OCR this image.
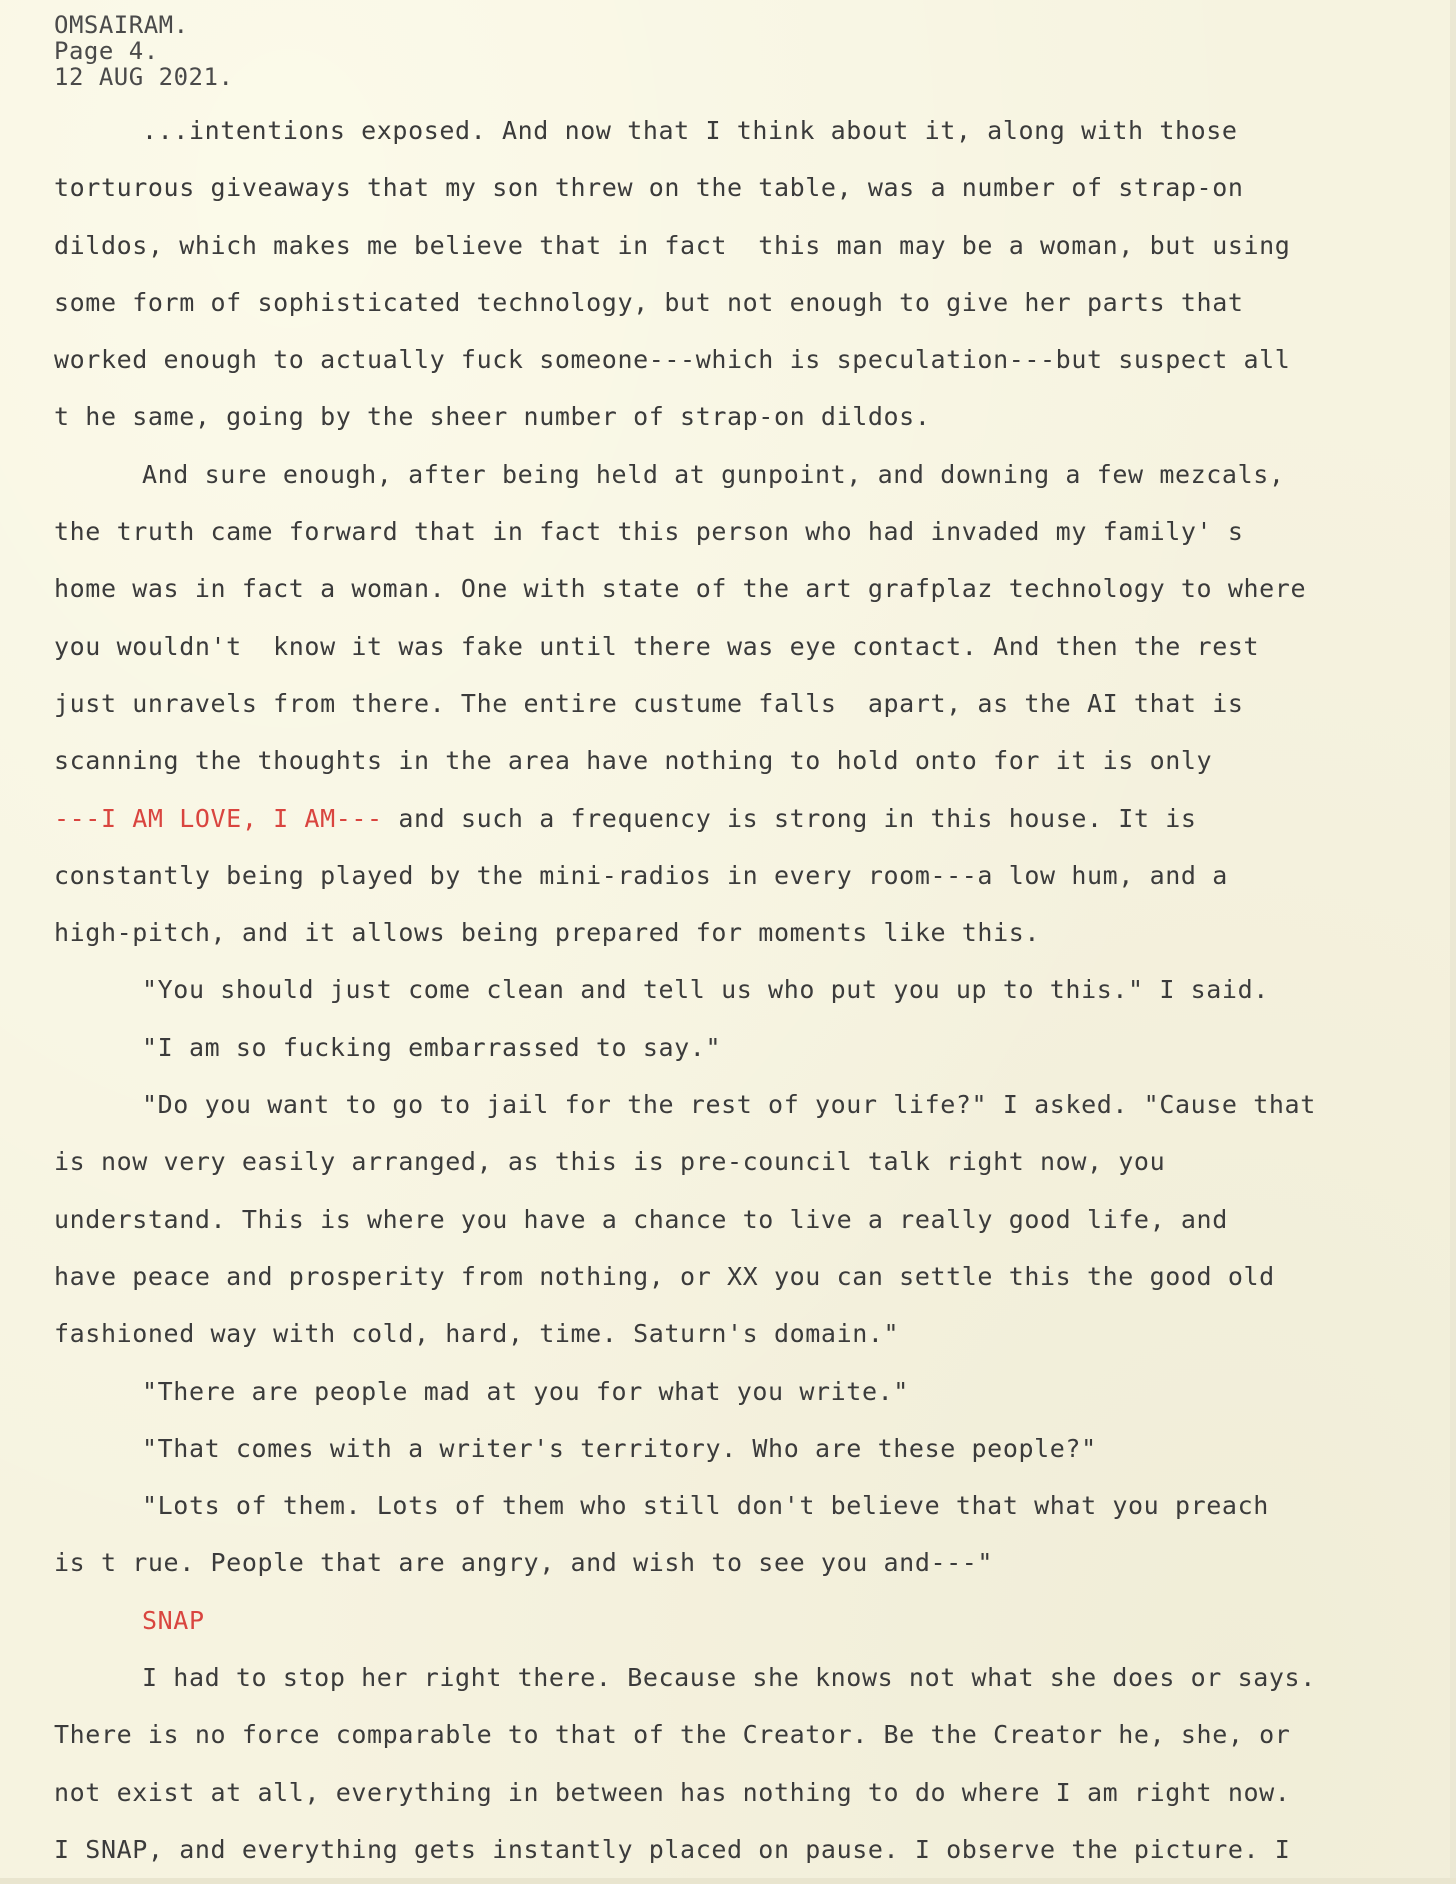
OMSAIRAM.
Page 4.
12 AUG 2021.
...intentions exposed. And now that I think about it, along with those
torturous giveaways that my son threw on the table, was a number of strap-on
dildos, which makes me believe that in fact  this man may be a woman, but using
some form of sophisticated technology, but not enough to give her parts that
worked enough to actually fuck someone---which is speculation---but suspect all
t he same, going by the sheer number of strap-on dildos.
And sure enough, after being held at gunpoint, and downing a few mezcals,
the truth came forward that in fact this person who had invaded my family' s
home was in fact a woman. One with state of the art grafplaz technology to where
you wouldn't  know it was fake until there was eye contact. And then the rest
just unravels from there. The entire custume falls  apart, as the AI that is
scanning the thoughts in the area have nothing to hold onto for it is only
---I AM LOVE, I AM--- and such a frequency is strong in this house. It is
constantly being played by the mini-radios in every room---a low hum, and a
high-pitch, and it allows being prepared for moments like this.
"You should just come clean and tell us who put you up to this." I said.
"I am so fucking embarrassed to say."
"Do you want to go to jail for the rest of your life?" I asked. "Cause that
is now very easily arranged, as this is pre-council talk right now, you
understand. This is where you have a chance to live a really good life, and
have peace and prosperity from nothing, or XX you can settle this the good old
fashioned way with cold, hard, time. Saturn's domain."
"There are people mad at you for what you write."
"That comes with a writer's territory. Who are these people?"
"Lots of them. Lots of them who still don't believe that what you preach
is t rue. People that are angry, and wish to see you and---"
SNAP
I had to stop her right there. Because she knows not what she does or says.
There is no force comparable to that of the Creator. Be the Creator he, she, or
not exist at all, everything in between has nothing to do where I am right now.
I SNAP, and everything gets instantly placed on pause. I observe the picture. I
